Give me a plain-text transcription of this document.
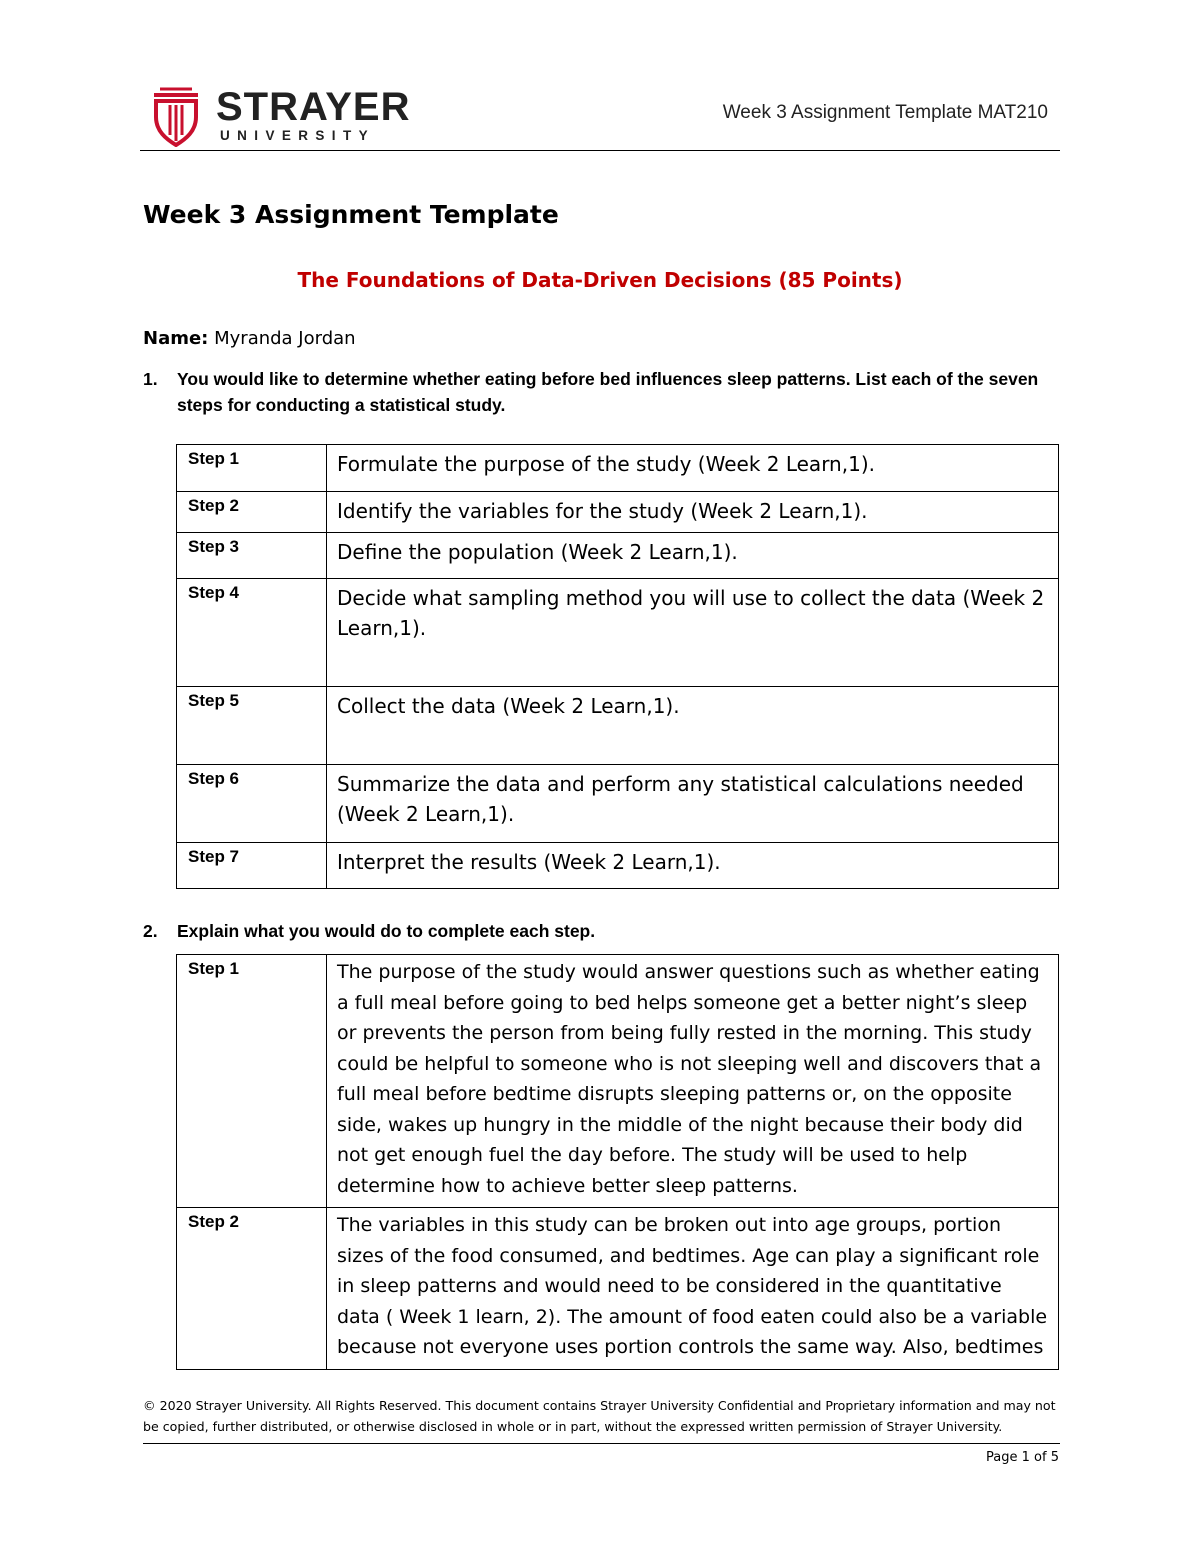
STRAYER
UNIVERSITY
Week 3 Assignment Template MAT210
Week 3 Assignment Template
The Foundations of Data-Driven Decisions (85 Points)
Name: Myranda Jordan
1. You would like to determine whether eating before bed influences sleep patterns. List each of the seven steps for conducting a statistical study.
Step 1	Formulate the purpose of the study (Week 2 Learn,1).
Step 2	Identify the variables for the study (Week 2 Learn,1).
Step 3	Define the population (Week 2 Learn,1).
Step 4	Decide what sampling method you will use to collect the data (Week 2 Learn,1).
Step 5	Collect the data (Week 2 Learn,1).
Step 6	Summarize the data and perform any statistical calculations needed (Week 2 Learn,1).
Step 7	Interpret the results (Week 2 Learn,1).
2. Explain what you would do to complete each step.
Step 1	The purpose of the study would answer questions such as whether eating a full meal before going to bed helps someone get a better night’s sleep or prevents the person from being fully rested in the morning. This study could be helpful to someone who is not sleeping well and discovers that a full meal before bedtime disrupts sleeping patterns or, on the opposite side, wakes up hungry in the middle of the night because their body did not get enough fuel the day before. The study will be used to help determine how to achieve better sleep patterns.
Step 2	The variables in this study can be broken out into age groups, portion sizes of the food consumed, and bedtimes. Age can play a significant role in sleep patterns and would need to be considered in the quantitative data ( Week 1 learn, 2). The amount of food eaten could also be a variable because not everyone uses portion controls the same way. Also, bedtimes
© 2020 Strayer University. All Rights Reserved. This document contains Strayer University Confidential and Proprietary information and may not be copied, further distributed, or otherwise disclosed in whole or in part, without the expressed written permission of Strayer University.
Page 1 of 5
